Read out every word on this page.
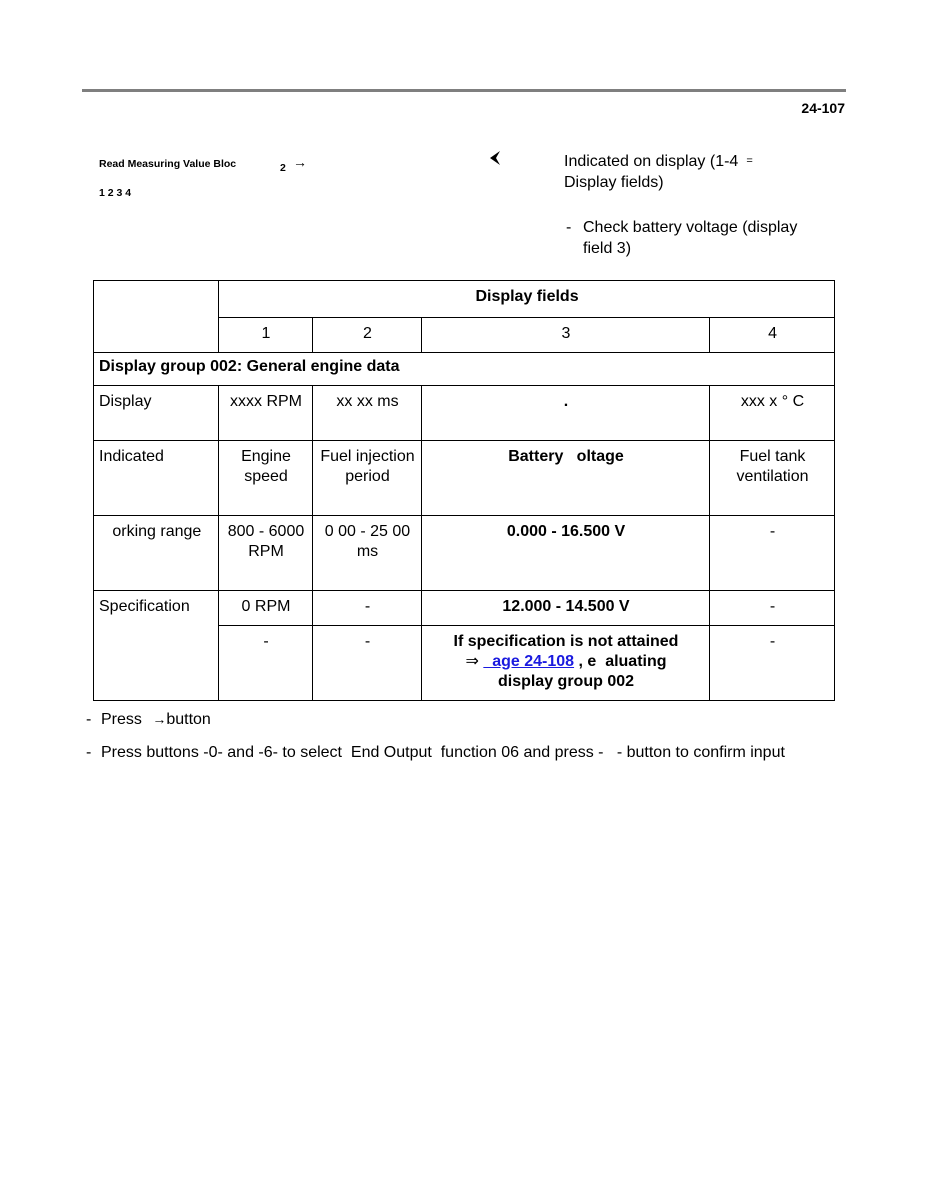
24-107
Read Measuring Value Bloc	2 →
1 2 3 4
Indicated on display (1-4 =
Display fields)
- Check battery voltage (display field 3)
	Display fields			
	1	2	3	4
Display group 002: General engine data				
Display	xxxx RPM	xx xx ms	.	xxx x ° C
Indicated	Engine speed	Fuel injection period	Battery   oltage	Fuel tank ventilation
orking range	800 - 6000 RPM	0 00 - 25 00 ms	0.000 - 16.500 V	-
Specification	0 RPM	-	12.000 - 14.500 V	-
	-	-	If specification is not attained
⇒   age 24-108 , e  aluating
display group 002	-
- Press →button
- Press buttons -0- and -6- to select  End Output  function 06 and press -   - button to confirm input
